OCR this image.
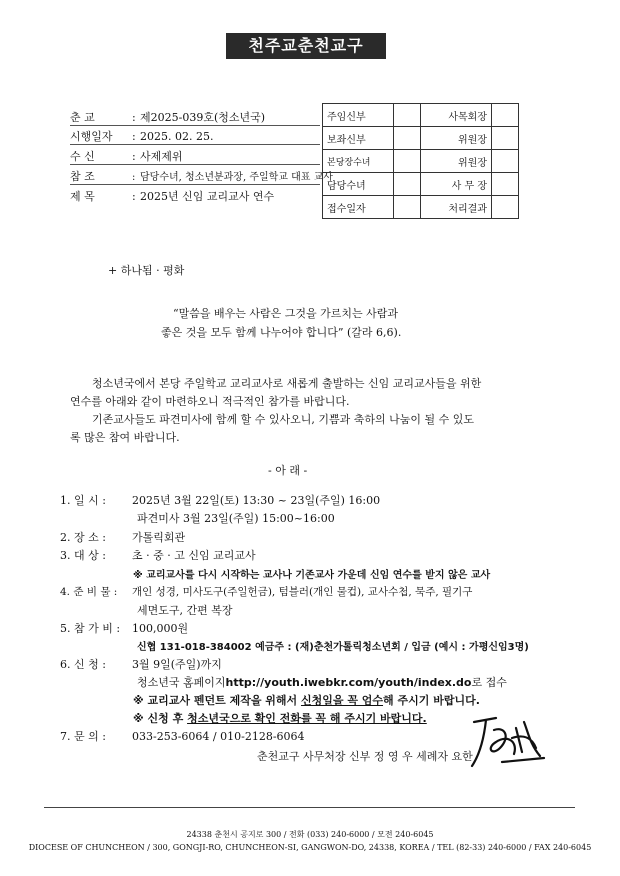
천주교춘천교구
춘 교	: 제2025-039호(청소년국)
시행일자 : 2025. 02. 25.
수 신	: 사제제위
참 조	: 담당수녀, 청소년분과장, 주일학교 대표 교사
제 목	: 2025년 신임 교리교사 연수
주임신부		사목회장	
보좌신부		위원장	
본당장수녀		위원장	
담당수녀		사 무 장	
접수일자		처리결과	
+ 하나됨 · 평화
“말씀을 배우는 사람은 그것을 가르치는 사람과
좋은 것을 모두 함께 나누어야 합니다” (갈라 6,6).
청소년국에서 본당 주일학교 교리교사로 새롭게 출발하는 신임 교리교사들을 위한
연수를 아래와 같이 마련하오니 적극적인 참가를 바랍니다.
기존교사들도 파견미사에 함께 할 수 있사오니, 기쁨과 축하의 나눔이 될 수 있도
록 많은 참여 바랍니다.
- 아 래 -
1. 일 시 : 2025년 3월 22일(토) 13:30 ~ 23일(주일) 16:00
파견미사 3월 23일(주일) 15:00~16:00
2. 장 소 : 가톨릭회관
3. 대 상 : 초 · 중 · 고 신임 교리교사
※ 교리교사를 다시 시작하는 교사나 기존교사 가운데 신임 연수를 받지 않은 교사
4. 준 비 물 : 개인 성경, 미사도구(주일헌금), 텀블러(개인 물컵), 교사수첩, 묵주, 필기구
세면도구, 간편 복장
5. 참 가 비 : 100,000원
신협 131-018-384002 예금주 : (재)춘천가톨릭청소년회 / 입금 (예시 : 가평신임3명)
6. 신 청 : 3월 9일(주일)까지
청소년국 홈페이지http://youth.iwebkr.com/youth/index.do로 접수
※ 교리교사 펜던트 제작을 위해서 신청일을 꼭 엄수해 주시기 바랍니다.
※ 신청 후 청소년국으로 확인 전화를 꼭 해 주시기 바랍니다.
7. 문 의 : 033-253-6064 / 010-2128-6064
춘천교구 사무처장 신부 정 영 우 세례자 요한
24338 춘천시 공지로 300 / 전화 (033) 240-6000 / 모전 240-6045
DIOCESE OF CHUNCHEON / 300, GONGJI-RO, CHUNCHEON-SI, GANGWON-DO, 24338, KOREA / TEL (82-33) 240-6000 / FAX 240-6045
